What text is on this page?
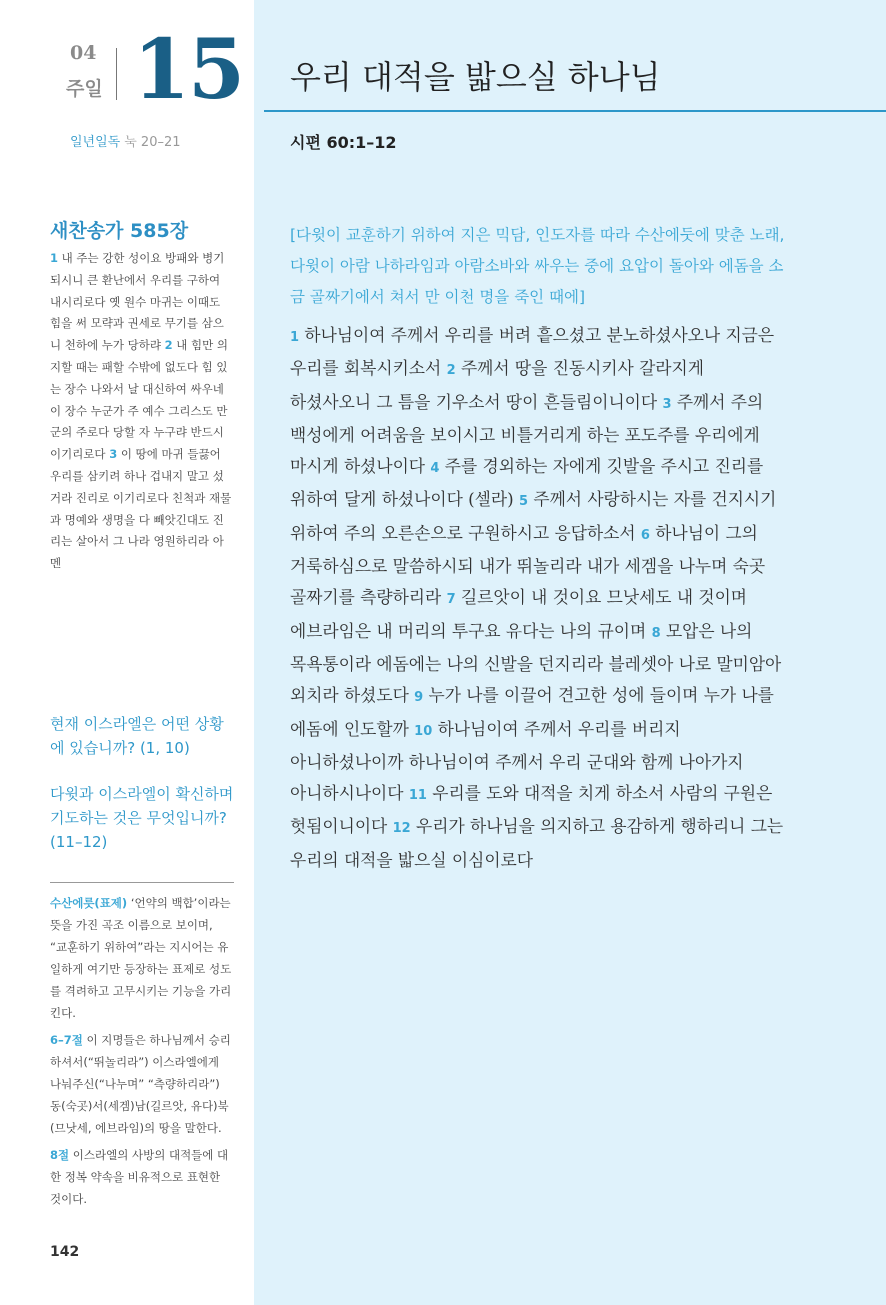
04
주일 15
일년일독 눅 20–21
새찬송가 585장
1 내 주는 강한 성이요 방패와 병기되시니 큰 환난에서 우리를 구하여 내시리로다 옛 원수 마귀는 이때도 힘을 써 모략과 권세로 무기를 삼으니 천하에 누가 당하랴 2 내 힘만 의지할 때는 패할 수밖에 없도다 힘 있는 장수 나와서 날 대신하여 싸우네 이 장수 누군가 주 예수 그리스도 만군의 주로다 당할 자 누구랴 반드시 이기리로다 3 이 땅에 마귀 들끓어 우리를 삼키려 하나 겁내지 말고 섰거라 진리로 이기리로다 친척과 재물과 명예와 생명을 다 빼앗긴대도 진리는 살아서 그 나라 영원하리라 아멘
현재 이스라엘은 어떤 상황에 있습니까? (1, 10)
다윗과 이스라엘이 확신하며 기도하는 것은 무엇입니까? (11–12)

수산에릇(표제) ‘언약의 백합’이라는 뜻을 가진 곡조 이름으로 보이며, “교훈하기 위하여”라는 지시어는 유일하게 여기만 등장하는 표제로 성도를 격려하고 고무시키는 기능을 가리킨다.

6–7절 이 지명들은 하나님께서 승리하셔서(“뛰놀리라”) 이스라엘에게 나눠주신(“나누며” “측량하리라”) 동(숙곳)서(세겜)남(길르앗, 유다)북(므낫세, 에브라임)의 땅을 말한다.

8절 이스라엘의 사방의 대적들에 대한 정복 약속을 비유적으로 표현한 것이다.

142
우리 대적을 밟으실 하나님
시편 60:1–12
[다윗이 교훈하기 위하여 지은 믹담, 인도자를 따라 수산에둣에 맞춘 노래, 다윗이 아람 나하라임과 아람소바와 싸우는 중에 요압이 돌아와 에돔을 소금 골짜기에서 쳐서 만 이천 명을 죽인 때에]
1 하나님이여 주께서 우리를 버려 흩으셨고 분노하셨사오나 지금은 우리를 회복시키소서 2 주께서 땅을 진동시키사 갈라지게 하셨사오니 그 틈을 기우소서 땅이 흔들림이니이다 3 주께서 주의 백성에게 어려움을 보이시고 비틀거리게 하는 포도주를 우리에게 마시게 하셨나이다 4 주를 경외하는 자에게 깃발을 주시고 진리를 위하여 달게 하셨나이다 (셀라) 5 주께서 사랑하시는 자를 건지시기 위하여 주의 오른손으로 구원하시고 응답하소서 6 하나님이 그의 거룩하심으로 말씀하시되 내가 뛰놀리라 내가 세겜을 나누며 숙곳 골짜기를 측량하리라 7 길르앗이 내 것이요 므낫세도 내 것이며 에브라임은 내 머리의 투구요 유다는 나의 규이며 8 모압은 나의 목욕통이라 에돔에는 나의 신발을 던지리라 블레셋아 나로 말미암아 외치라 하셨도다 9 누가 나를 이끌어 견고한 성에 들이며 누가 나를 에돔에 인도할까 10 하나님이여 주께서 우리를 버리지 아니하셨나이까 하나님이여 주께서 우리 군대와 함께 나아가지 아니하시나이다 11 우리를 도와 대적을 치게 하소서 사람의 구원은 헛됨이니이다 12 우리가 하나님을 의지하고 용감하게 행하리니 그는 우리의 대적을 밟으실 이심이로다
